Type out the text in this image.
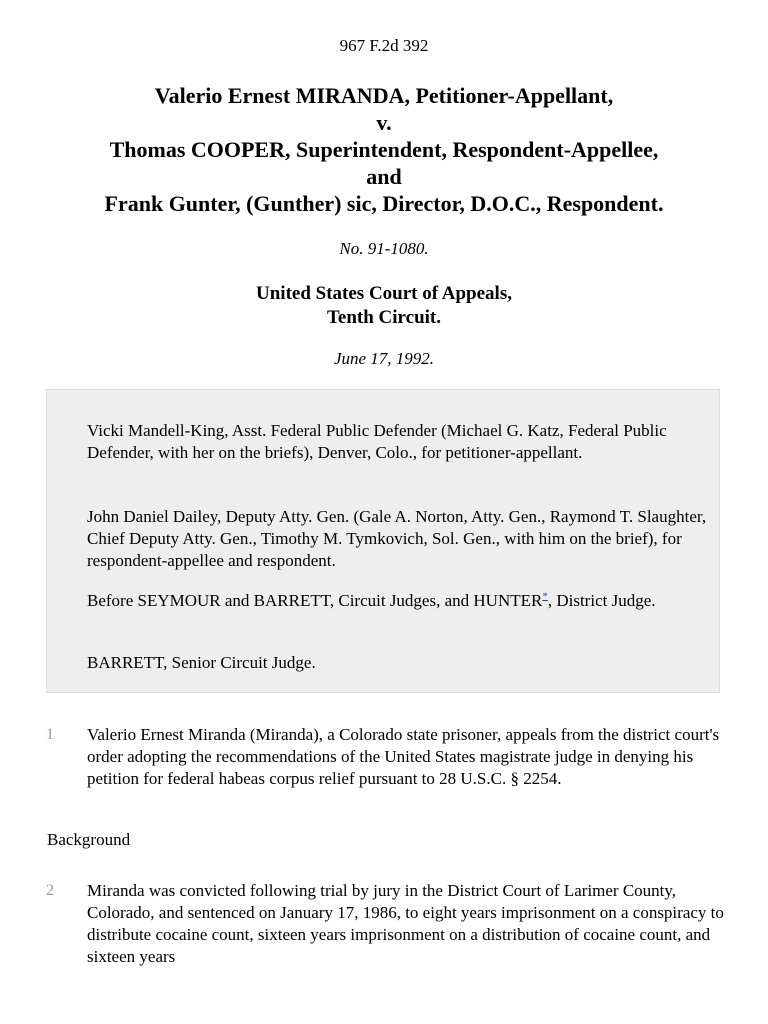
967 F.2d 392
Valerio Ernest MIRANDA, Petitioner-Appellant,
v.
Thomas COOPER, Superintendent, Respondent-Appellee,
and
Frank Gunter, (Gunther) sic, Director, D.O.C., Respondent.
No. 91-1080.
United States Court of Appeals,
Tenth Circuit.
June 17, 1992.

Vicki Mandell-King, Asst. Federal Public Defender (Michael G. Katz, Federal Public Defender, with her on the briefs), Denver, Colo., for petitioner-appellant.

John Daniel Dailey, Deputy Atty. Gen. (Gale A. Norton, Atty. Gen., Raymond T. Slaughter, Chief Deputy Atty. Gen., Timothy M. Tymkovich, Sol. Gen., with him on the brief), for respondent-appellee and respondent.

Before SEYMOUR and BARRETT, Circuit Judges, and HUNTER*, District Judge.

BARRETT, Senior Circuit Judge.

1 Valerio Ernest Miranda (Miranda), a Colorado state prisoner, appeals from the district court's order adopting the recommendations of the United States magistrate judge in denying his petition for federal habeas corpus relief pursuant to 28 U.S.C. § 2254.

Background
2 Miranda was convicted following trial by jury in the District Court of Larimer County, Colorado, and sentenced on January 17, 1986, to eight years imprisonment on a conspiracy to distribute cocaine count, sixteen years imprisonment on a distribution of cocaine count, and sixteen years
